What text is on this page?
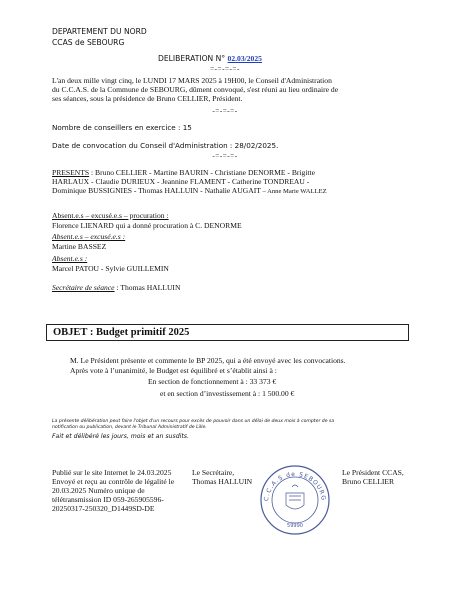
DEPARTEMENT DU NORD
CCAS de SEBOURG
DELIBERATION N° 02.03/2025
=-=-=-=-
L'an deux mille vingt cinq, le LUNDI 17 MARS 2025 à 19H00, le Conseil d'Administration
du C.C.A.S. de la Commune de SEBOURG, dûment convoqué, s'est réuni au lieu ordinaire de
ses séances, sous la présidence de Bruno CELLIER, Président.
-=-=-=-
Nombre de conseillers en exercice : 15
Date de convocation du Conseil d'Administration : 28/02/2025.
-=-=-=-
PRESENTS : Bruno CELLIER - Martine BAURIN - Christiane DENORME - Brigitte
HARLAUX - Claudie DURIEUX - Jeannine FLAMENT - Catherine TONDREAU -
Dominique BUSSIGNIES - Thomas HALLUIN - Nathalie AUGAIT – Anne Marie WALLEZ
Absent.e.s – excusé.e.s – procuration :
Florence LIENARD qui a donné procuration à C. DENORME
Absent.e.s – excusé.e.s :
Martine BASSEZ
Absent.e.s :
Marcel PATOU - Sylvie GUILLEMIN
Secrétaire de séance : Thomas HALLUIN
OBJET : Budget primitif 2025
M. Le Président présente et commente le BP 2025, qui a été envoyé avec les convocations.
Après vote à l’unanimité, le Budget est équilibré et s’établit ainsi à :
En section de fonctionnement à : 33 373 €
et en section d’investissement à : 1 500.00 €
La présente délibération peut faire l'objet d'un recours pour excès de pouvoir dans un délai de deux mois à compter de sa
notification ou publication, devant le Tribunal Administratif de Lille.
Fait et délibéré les jours, mois et an susdits.
Publié sur le site Internet le 24.03.2025
Envoyé et reçu au contrôle de légalité le
20.03.2025 Numéro unique de
télétransmission ID 059-265905596-
20250317-250320_D1449SD-DE
Le Secrétaire,
Thomas HALLUIN
Le Président CCAS,
Bruno CELLIER
C.C.A.S de SEBOURG
59990
